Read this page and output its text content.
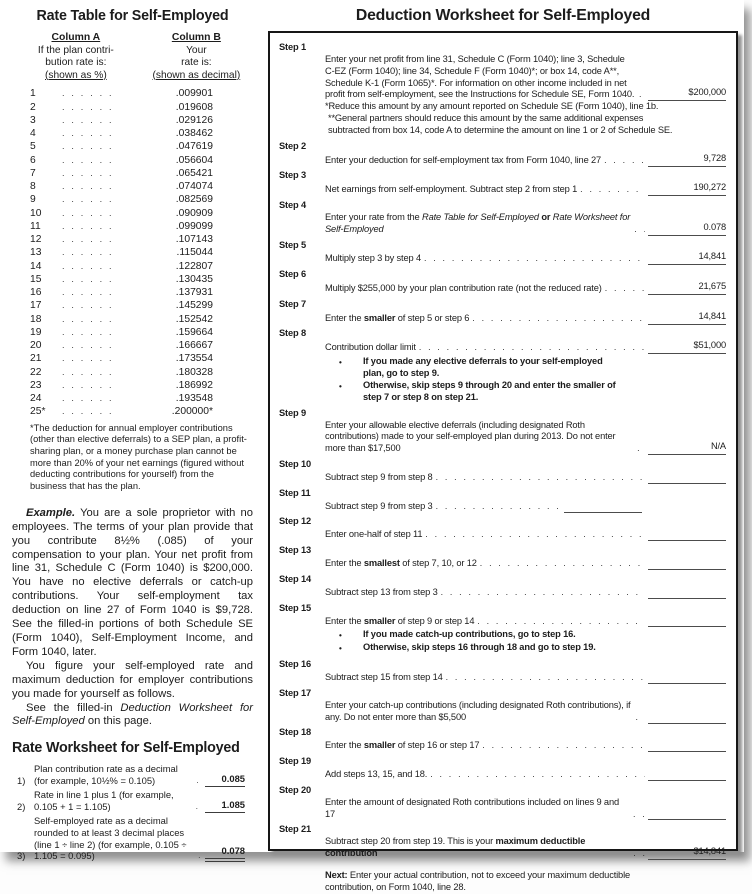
Rate Table for Self-Employed
Column A
If the plan contri-
bution rate is:
(shown as %)
Column B
Your
rate is:
(shown as decimal)
1 . . .	.009901
2 . . .	.019608
3 . . .	.029126
4 . . .	.038462
5 . . .	.047619
6 . . .	.056604
7 . . .	.065421
8 . . .	.074074
9 . . .	.082569
10 . . .	.090909
11 . . .	.099099
12 . . .	.107143
13 . . .	.115044
14 . . .	.122807
15 . . .	.130435
16 . . .	.137931
17 . . .	.145299
18 . . .	.152542
19 . . .	.159664
20 . . .	.166667
21 . . .	.173554
22 . . .	.180328
23 . . .	.186992
24 . . .	.193548
25* . . .	.200000*
*The deduction for annual employer contributions (other than elective deferrals) to a SEP plan, a profit-sharing plan, or a money purchase plan cannot be more than 20% of your net earnings (figured without deducting contributions for yourself) from the business that has the plan.

Example. You are a sole proprietor with no employees. The terms of your plan provide that you contribute 8½% (.085) of your compensation to your plan. Your net profit from line 31, Schedule C (Form 1040) is $200,000. You have no elective deferrals or catch-up contributions. Your self-employment tax deduction on line 27 of Form 1040 is $9,728. See the filled-in portions of both Schedule SE (Form 1040), Self-Employment Income, and Form 1040, later.

You figure your self-employed rate and maximum deduction for employer contributions you made for yourself as follows.

See the filled-in Deduction Worksheet for Self-Employed on this page.

Rate Worksheet for Self-Employed
1)
Plan contribution rate as a decimal (for example, 10½% = 0.105) . . .	0.085
2)
Rate in line 1 plus 1 (for example, 0.105 + 1 = 1.105) . . .	1.085
3)
Self-employed rate as a decimal rounded to at least 3 decimal places (line 1 ÷ line 2) (for example, 0.105 ÷ 1.105 = 0.095) . . .	0.078
Deduction Worksheet for Self-Employed
Step 1
Enter your net profit from line 31, Schedule C (Form 1040); line 3, Schedule C-EZ (Form 1040); line 34, Schedule F (Form 1040)*; or box 14, code A**, Schedule K-1 (Form 1065)*. For information on other income included in net profit from self-employment, see the Instructions for Schedule SE, Form 1040. . . .	$200,000
*Reduce this amount by any amount reported on Schedule SE (Form 1040), line 1b.
**General partners should reduce this amount by the same additional expenses subtracted from box 14, code A to determine the amount on line 1 or 2 of Schedule SE.
Step 2
Enter your deduction for self-employment tax from Form 1040, line 27 . . .	9,728
Step 3
Net earnings from self-employment. Subtract step 2 from step 1 . . .	190,272
Step 4
Enter your rate from the Rate Table for Self-Employed or Rate Worksheet for Self-Employed . . .	0.078
Step 5
Multiply step 3 by step 4 . . .	14,841
Step 6
Multiply $255,000 by your plan contribution rate (not the reduced rate) . . .	21,675
Step 7
Enter the smaller of step 5 or step 6 . . .	14,841
Step 8
Contribution dollar limit . . .	$51,000
•	If you made any elective deferrals to your self-employed plan, go to step 9.
•	Otherwise, skip steps 9 through 20 and enter the smaller of step 7 or step 8 on step 21.
Step 9
Enter your allowable elective deferrals (including designated Roth contributions) made to your self-employed plan during 2013. Do not enter more than $17,500 . . .	N/A
Step 10
Subtract step 9 from step 8
. . .
Step 11
Subtract step 9 from step 3
. . .
Step 12
Enter one-half of step 11
. . .
Step 13
Enter the smallest of step 7, 10, or 12
. . .
Step 14
Subtract step 13 from step 3
. . .
Step 15
Enter the smaller of step 9 or step 14
. . .
•	If you made catch-up contributions, go to step 16.
•	Otherwise, skip steps 16 through 18 and go to step 19.
Step 16
Subtract step 15 from step 14
. . .
Step 17
Enter your catch-up contributions (including designated Roth contributions), if any. Do not enter more than $5,500
. . .
Step 18
Enter the smaller of step 16 or step 17
. . .
Step 19
Add steps 13, 15, and 18.
. . .
Step 20
Enter the amount of designated Roth contributions included on lines 9 and 17
. . .
Step 21
Subtract step 20 from step 19. This is your maximum deductible contribution . . .	$14,841
Next: Enter your actual contribution, not to exceed your maximum deductible contribution, on Form 1040, line 28.
